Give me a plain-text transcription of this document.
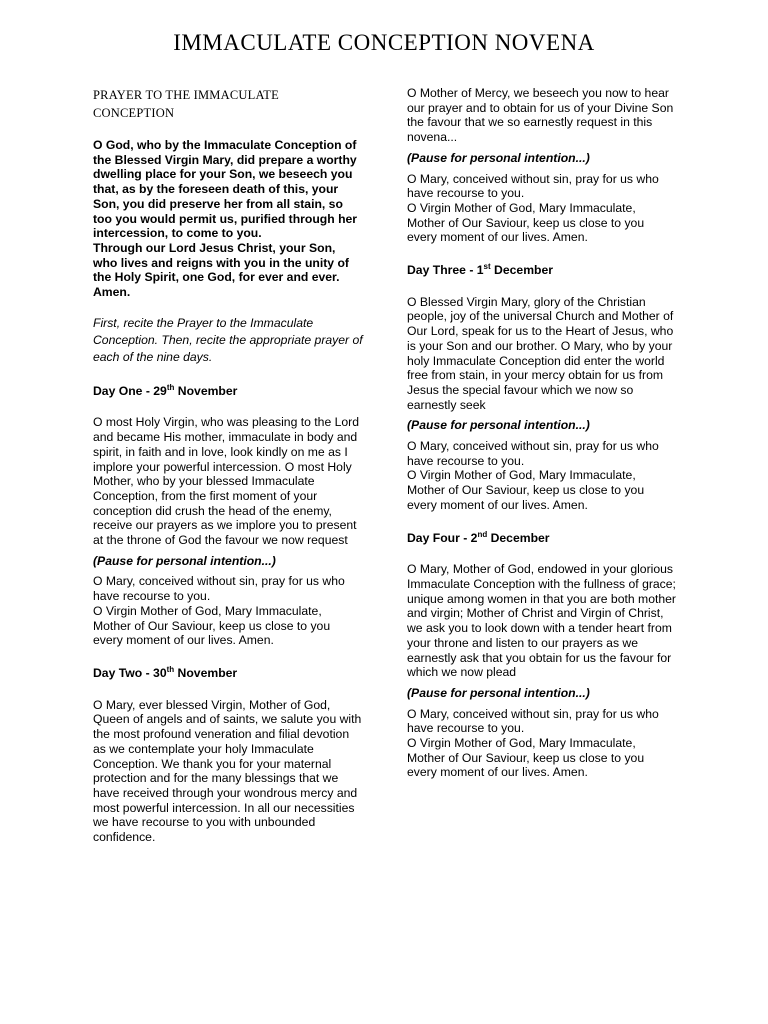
IMMACULATE CONCEPTION NOVENA
PRAYER TO THE IMMACULATE CONCEPTION

O God, who by the Immaculate Conception of the Blessed Virgin Mary, did prepare a worthy dwelling place for your Son, we beseech you that, as by the foreseen death of this, your Son, you did preserve her from all stain, so too you would permit us, purified through her intercession, to come to you.

Through our Lord Jesus Christ, your Son, who lives and reigns with you in the unity of the Holy Spirit, one God, for ever and ever. Amen.

First, recite the Prayer to the Immaculate Conception. Then, recite the appropriate prayer of each of the nine days.

Day One - 29th November

O most Holy Virgin, who was pleasing to the Lord and became His mother, immaculate in body and spirit, in faith and in love, look kindly on me as I implore your powerful intercession. O most Holy Mother, who by your blessed Immaculate Conception, from the first moment of your conception did crush the head of the enemy, receive our prayers as we implore you to present at the throne of God the favour we now request

(Pause for personal intention...)

O Mary, conceived without sin, pray for us who have recourse to you.

O Virgin Mother of God, Mary Immaculate, Mother of Our Saviour, keep us close to you every moment of our lives. Amen.

Day Two - 30th November

O Mary, ever blessed Virgin, Mother of God, Queen of angels and of saints, we salute you with the most profound veneration and filial devotion as we contemplate your holy Immaculate Conception. We thank you for your maternal protection and for the many blessings that we have received through your wondrous mercy and most powerful intercession. In all our necessities we have recourse to you with unbounded confidence.

O Mother of Mercy, we beseech you now to hear our prayer and to obtain for us of your Divine Son the favour that we so earnestly request in this novena...

(Pause for personal intention...)

O Mary, conceived without sin, pray for us who have recourse to you.

O Virgin Mother of God, Mary Immaculate, Mother of Our Saviour, keep us close to you every moment of our lives. Amen.

Day Three - 1st December

O Blessed Virgin Mary, glory of the Christian people, joy of the universal Church and Mother of Our Lord, speak for us to the Heart of Jesus, who is your Son and our brother. O Mary, who by your holy Immaculate Conception did enter the world free from stain, in your mercy obtain for us from Jesus the special favour which we now so earnestly seek

(Pause for personal intention...)

O Mary, conceived without sin, pray for us who have recourse to you.

O Virgin Mother of God, Mary Immaculate, Mother of Our Saviour, keep us close to you every moment of our lives. Amen.

Day Four - 2nd December

O Mary, Mother of God, endowed in your glorious Immaculate Conception with the fullness of grace; unique among women in that you are both mother and virgin; Mother of Christ and Virgin of Christ, we ask you to look down with a tender heart from your throne and listen to our prayers as we earnestly ask that you obtain for us the favour for which we now plead

(Pause for personal intention...)

O Mary, conceived without sin, pray for us who have recourse to you.

O Virgin Mother of God, Mary Immaculate, Mother of Our Saviour, keep us close to you every moment of our lives. Amen.
